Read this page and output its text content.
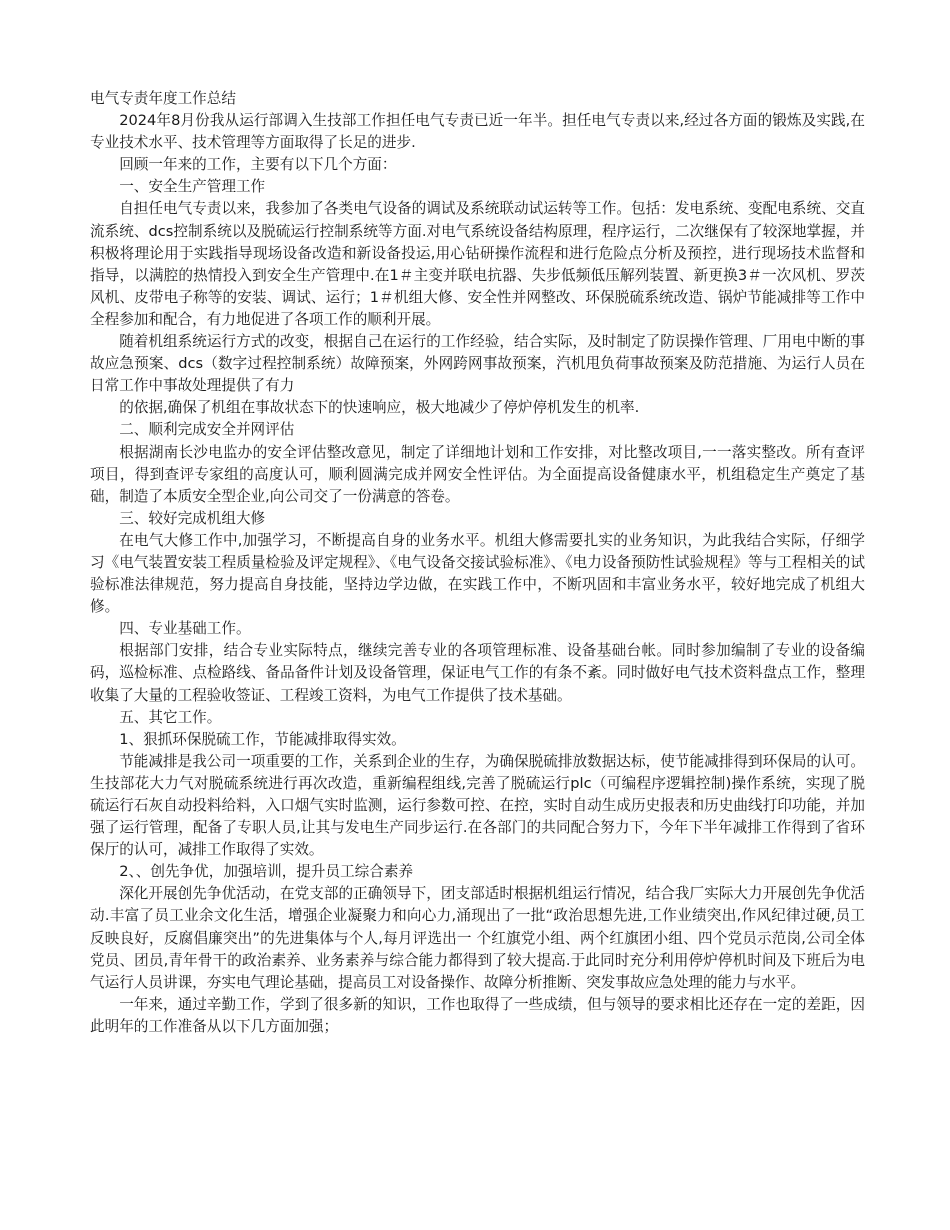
电气专责年度工作总结

2024年8月份我从运行部调入生技部工作担任电气专责已近一年半。担任电气专责以来,经过各方面的锻炼及实践,在专业技术水平、技术管理等方面取得了长足的进步.

回顾一年来的工作，主要有以下几个方面：

一、安全生产管理工作

自担任电气专责以来，我参加了各类电气设备的调试及系统联动试运转等工作。包括：发电系统、变配电系统、交直流系统、dcs控制系统以及脱硫运行控制系统等方面.对电气系统设备结构原理，程序运行，二次继保有了较深地掌握，并积极将理论用于实践指导现场设备改造和新设备投运,用心钻研操作流程和进行危险点分析及预控，进行现场技术监督和指导，以满腔的热情投入到安全生产管理中.在1＃主变并联电抗器、失步低频低压解列装置、新更换3＃一次风机、罗茨风机、皮带电子称等的安装、调试、运行；1＃机组大修、安全性并网整改、环保脱硫系统改造、锅炉节能减排等工作中全程参加和配合，有力地促进了各项工作的顺利开展。

随着机组系统运行方式的改变，根据自己在运行的工作经验，结合实际，及时制定了防误操作管理、厂用电中断的事故应急预案、dcs（数字过程控制系统）故障预案，外网跨网事故预案，汽机甩负荷事故预案及防范措施、为运行人员在日常工作中事故处理提供了有力

的依据,确保了机组在事故状态下的快速响应，极大地减少了停炉停机发生的机率.

二、顺利完成安全并网评估

根据湖南长沙电监办的安全评估整改意见，制定了详细地计划和工作安排，对比整改项目,一一落实整改。所有查评项目，得到查评专家组的高度认可，顺利圆满完成并网安全性评估。为全面提高设备健康水平，机组稳定生产奠定了基础，制造了本质安全型企业,向公司交了一份满意的答卷。

三、较好完成机组大修

在电气大修工作中,加强学习，不断提高自身的业务水平。机组大修需要扎实的业务知识，为此我结合实际，仔细学习《电气装置安装工程质量检验及评定规程》、《电气设备交接试验标准》、《电力设备预防性试验规程》等与工程相关的试验标准法律规范，努力提高自身技能，坚持边学边做，在实践工作中，不断巩固和丰富业务水平，较好地完成了机组大修。

四、专业基础工作。

根据部门安排，结合专业实际特点，继续完善专业的各项管理标准、设备基础台帐。同时参加编制了专业的设备编码，巡检标准、点检路线、备品备件计划及设备管理，保证电气工作的有条不紊。同时做好电气技术资料盘点工作，整理收集了大量的工程验收签证、工程竣工资料，为电气工作提供了技术基础。

五、其它工作。

1、狠抓环保脱硫工作，节能减排取得实效。

节能减排是我公司一项重要的工作，关系到企业的生存，为确保脱硫排放数据达标，使节能减排得到环保局的认可。生技部花大力气对脱硫系统进行再次改造，重新编程组线,完善了脱硫运行plc（可编程序逻辑控制)操作系统，实现了脱硫运行石灰自动投料给料，入口烟气实时监测，运行参数可控、在控，实时自动生成历史报表和历史曲线打印功能，并加强了运行管理，配备了专职人员,让其与发电生产同步运行.在各部门的共同配合努力下，今年下半年减排工作得到了省环保厅的认可，减排工作取得了实效。

2、、创先争优，加强培训，提升员工综合素养

深化开展创先争优活动，在党支部的正确领导下，团支部适时根据机组运行情况，结合我厂实际大力开展创先争优活动.丰富了员工业余文化生活，增强企业凝聚力和向心力,涌现出了一批“政治思想先进,工作业绩突出,作风纪律过硬,员工反映良好，反腐倡廉突出”的先进集体与个人,每月评选出一 个红旗党小组、两个红旗团小组、四个党员示范岗,公司全体党员、团员,青年骨干的政治素养、业务素养与综合能力都得到了较大提高.于此同时充分利用停炉停机时间及下班后为电气运行人员讲课，夯实电气理论基础，提高员工对设备操作、故障分析推断、突发事故应急处理的能力与水平。

一年来，通过辛勤工作，学到了很多新的知识，工作也取得了一些成绩，但与领导的要求相比还存在一定的差距，因此明年的工作准备从以下几方面加强；
